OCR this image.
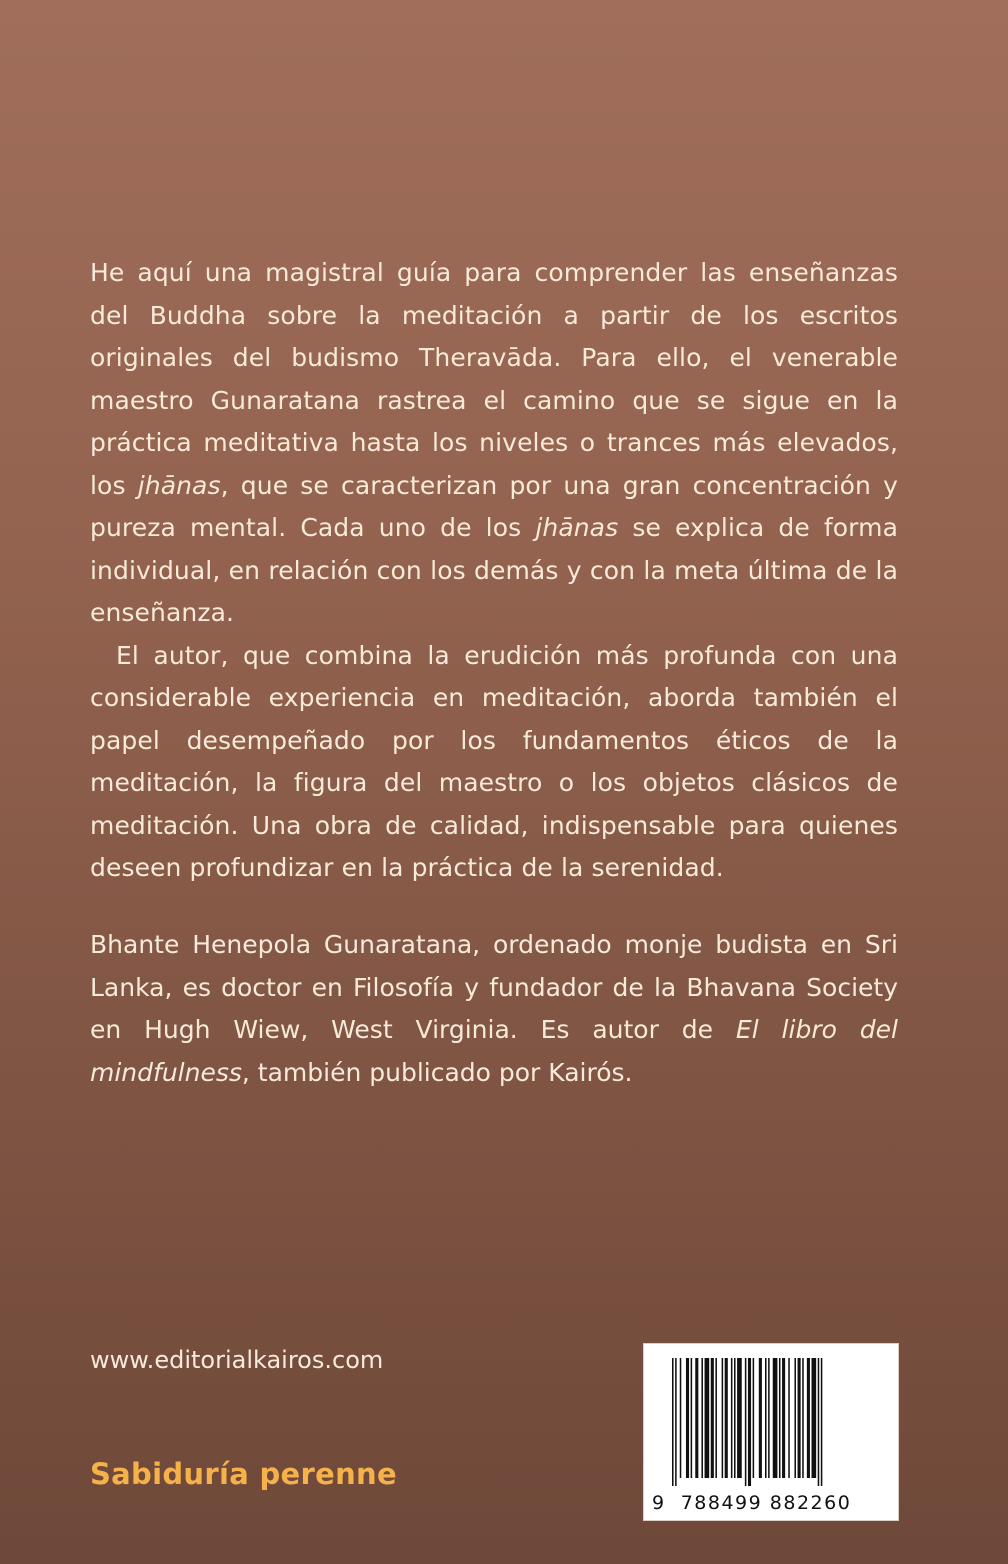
He aquí una magistral guía para comprender las enseñanzas del Buddha sobre la meditación a partir de los escritos originales del budismo Theravāda. Para ello, el venerable maestro Gunaratana rastrea el camino que se sigue en la práctica meditativa hasta los niveles o trances más elevados, los jhānas, que se caracterizan por una gran concentración y pureza mental. Cada uno de los jhānas se explica de forma individual, en relación con los demás y con la meta última de la enseñanza.

El autor, que combina la erudición más profunda con una considerable experiencia en meditación, aborda también el papel desempeñado por los fundamentos éticos de la meditación, la figura del maestro o los objetos clásicos de meditación. Una obra de calidad, indispensable para quienes deseen profundizar en la práctica de la serenidad.

Bhante Henepola Gunaratana, ordenado monje budista en Sri Lanka, es doctor en Filosofía y fundador de la Bhavana Society en Hugh Wiew, West Virginia. Es autor de El libro del mindfulness, también publicado por Kairós.

www.editorialkairos.com
Sabiduría perenne
9 788499 882260
